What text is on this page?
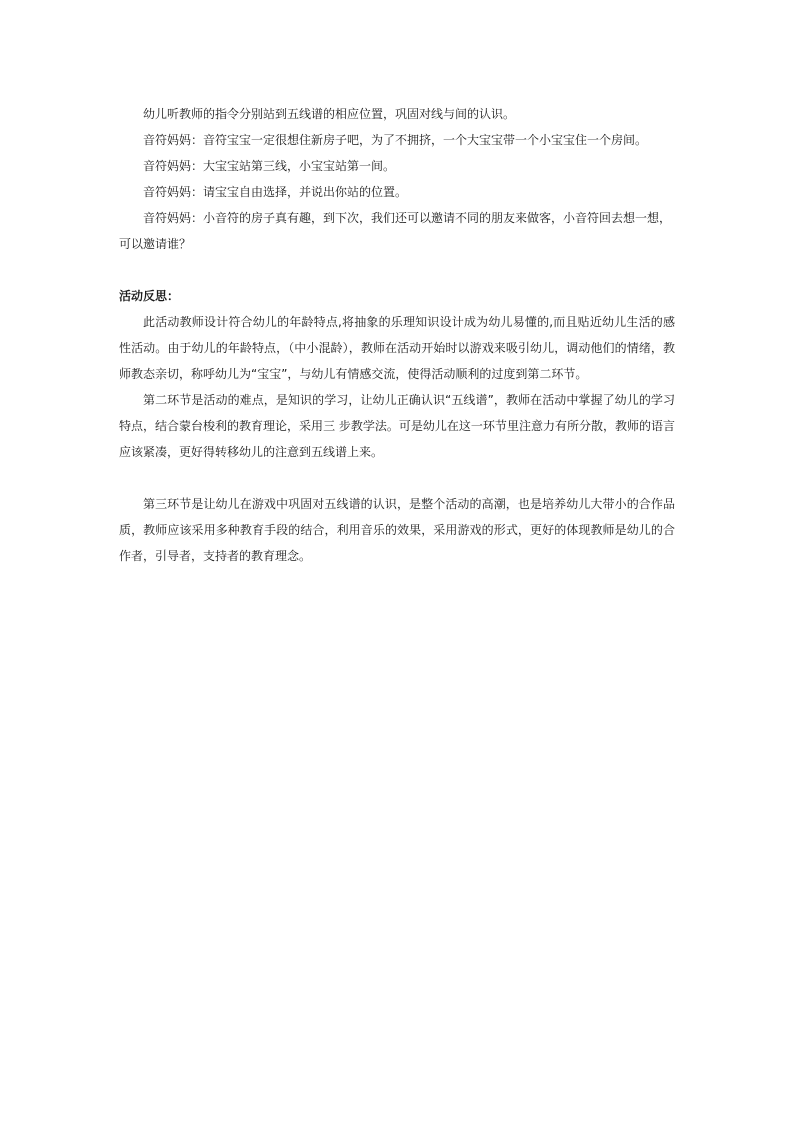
幼儿听教师的指令分别站到五线谱的相应位置，巩固对线与间的认识。

音符妈妈：音符宝宝一定很想住新房子吧，为了不拥挤，一个大宝宝带一个小宝宝住一个房间。

音符妈妈：大宝宝站第三线，小宝宝站第一间。

音符妈妈：请宝宝自由选择，并说出你站的位置。

音符妈妈：小音符的房子真有趣，到下次，我们还可以邀请不同的朋友来做客，小音符回去想一想，

可以邀请谁？

活动反思：

此活动教师设计符合幼儿的年龄特点,将抽象的乐理知识设计成为幼儿易懂的,而且贴近幼儿生活的感性活动。由于幼儿的年龄特点，（中小混龄），教师在活动开始时以游戏来吸引幼儿，调动他们的情绪，教师教态亲切，称呼幼儿为“宝宝”，与幼儿有情感交流，使得活动顺利的过度到第二环节。

第二环节是活动的难点，是知识的学习，让幼儿正确认识“五线谱”，教师在活动中掌握了幼儿的学习特点，结合蒙台梭利的教育理论，采用三 步教学法。可是幼儿在这一环节里注意力有所分散，教师的语言应该紧凑，更好得转移幼儿的注意到五线谱上来。

第三环节是让幼儿在游戏中巩固对五线谱的认识，是整个活动的高潮，也是培养幼儿大带小的合作品质，教师应该采用多种教育手段的结合，利用音乐的效果，采用游戏的形式，更好的体现教师是幼儿的合作者，引导者，支持者的教育理念。
